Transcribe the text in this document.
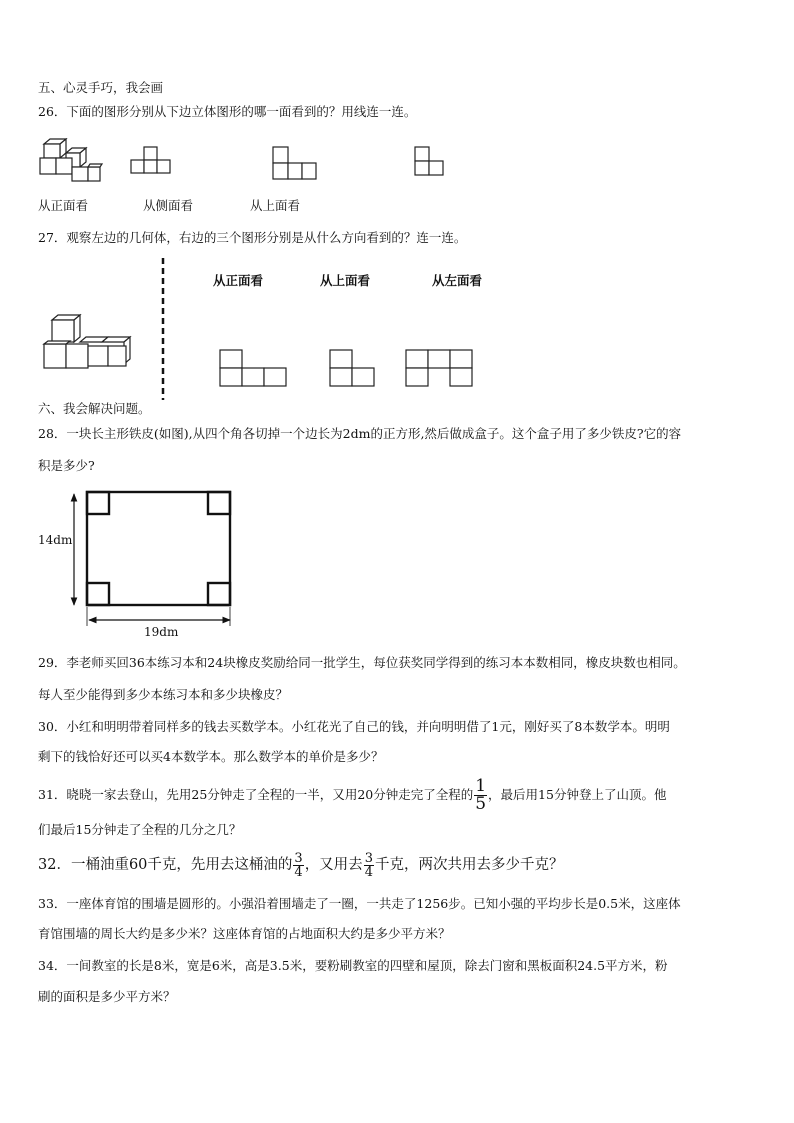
五、心灵手巧，我会画
26．下面的图形分别从下边立体图形的哪一面看到的？用线连一连。
从正面看	从侧面看	从上面看
27．观察左边的几何体，右边的三个图形分别是从什么方向看到的？连一连。
从正面看	从上面看	从左面看
六、我会解决问题。
28．一块长主形铁皮(如图),从四个角各切掉一个边长为2dm的正方形,然后做成盒子。这个盒子用了多少铁皮?它的容
积是多少?
14dm
19dm
29．李老师买回36本练习本和24块橡皮奖励给同一批学生，每位获奖同学得到的练习本本数相同，橡皮块数也相同。
每人至少能得到多少本练习本和多少块橡皮？
30．小红和明明带着同样多的钱去买数学本。小红花光了自己的钱，并向明明借了1元，刚好买了8本数学本。明明
剩下的钱恰好还可以买4本数学本。那么数学本的单价是多少？
31．晓晓一家去登山，先用25分钟走了全程的一半，又用20分钟走完了全程的 $\frac{1}{5}$ ，最后用15分钟登上了山顶。他
们最后15分钟走了全程的几分之几？
32．一桶油重60千克，先用去这桶油的 $\frac{3}{4}$ ，又用去 $\frac{3}{4}$ 千克，两次共用去多少千克？
33．一座体育馆的围墙是圆形的。小强沿着围墙走了一圈，一共走了1256步。已知小强的平均步长是0.5米，这座体
育馆围墙的周长大约是多少米？这座体育馆的占地面积大约是多少平方米？
34．一间教室的长是8米，宽是6米，高是3.5米，要粉刷教室的四壁和屋顶，除去门窗和黑板面积24.5平方米，粉
刷的面积是多少平方米？
